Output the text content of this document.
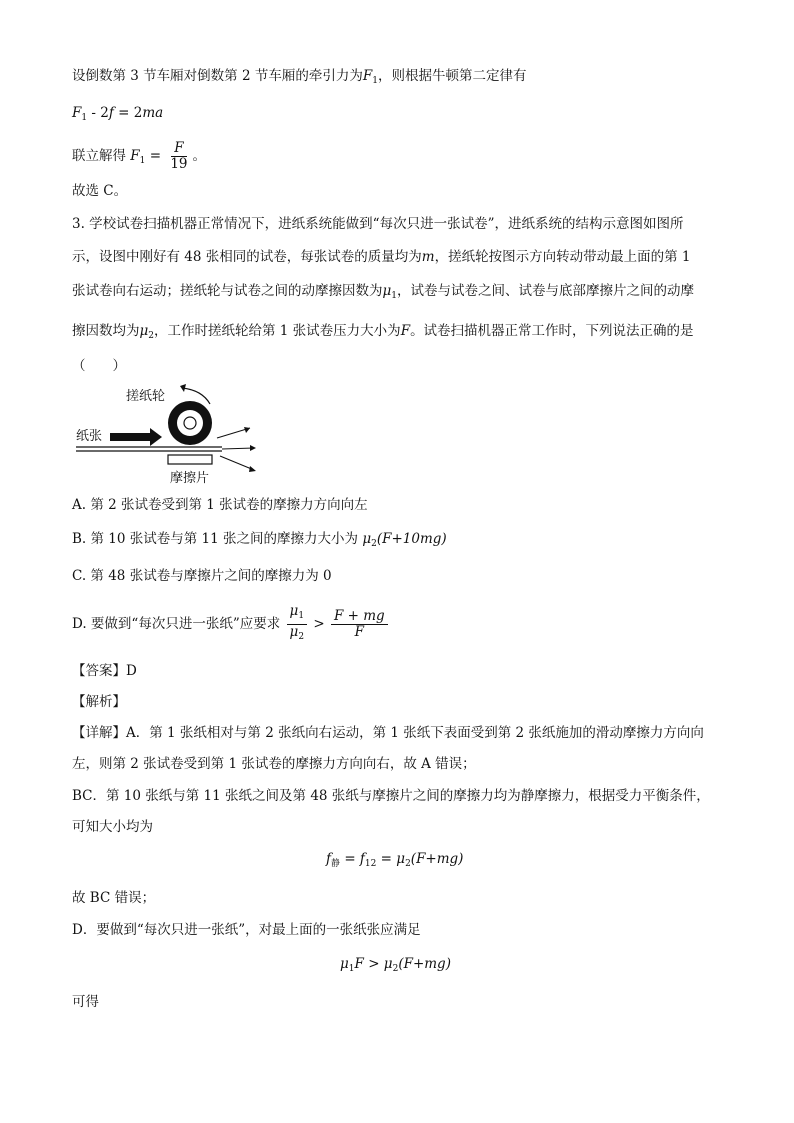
设倒数第 3 节车厢对倒数第 2 节车厢的牵引力为$F_1$，则根据牛顿第二定律有
$F_1 - 2f = 2ma$
联立解得 $F_1 = \frac{F}{19}$ 。
故选 C。
3. 学校试卷扫描机器正常情况下，进纸系统能做到“每次只进一张试卷”，进纸系统的结构示意图如图所
示，设图中刚好有 48 张相同的试卷，每张试卷的质量均为m，搓纸轮按图示方向转动带动最上面的第 1
张试卷向右运动；搓纸轮与试卷之间的动摩擦因数为$\mu_1$，试卷与试卷之间、试卷与底部摩擦片之间的动摩
擦因数均为$\mu_2$，工作时搓纸轮给第 1 张试卷压力大小为F。试卷扫描机器正常工作时，下列说法正确的是
（　　）
搓纸轮
纸张
摩擦片
A. 第 2 张试卷受到第 1 张试卷的摩擦力方向向左
B. 第 10 张试卷与第 11 张之间的摩擦力大小为 $\mu_2(F+10mg)$
C. 第 48 张试卷与摩擦片之间的摩擦力为 0
D. 要做到“每次只进一张纸”应要求 $\frac{\mu_1}{\mu_2} > \frac{F + mg}{F}$
【答案】D
【解析】
【详解】A．第 1 张纸相对与第 2 张纸向右运动，第 1 张纸下表面受到第 2 张纸施加的滑动摩擦力方向向
左，则第 2 张试卷受到第 1 张试卷的摩擦力方向向右，故 A 错误；
BC．第 10 张纸与第 11 张纸之间及第 48 张纸与摩擦片之间的摩擦力均为静摩擦力，根据受力平衡条件，
可知大小均为
$f_静 = f_{12} = \mu_2(F+mg)$
故 BC 错误；
D．要做到“每次只进一张纸”，对最上面的一张纸张应满足
$\mu_1F > \mu_2(F+mg)$
可得
